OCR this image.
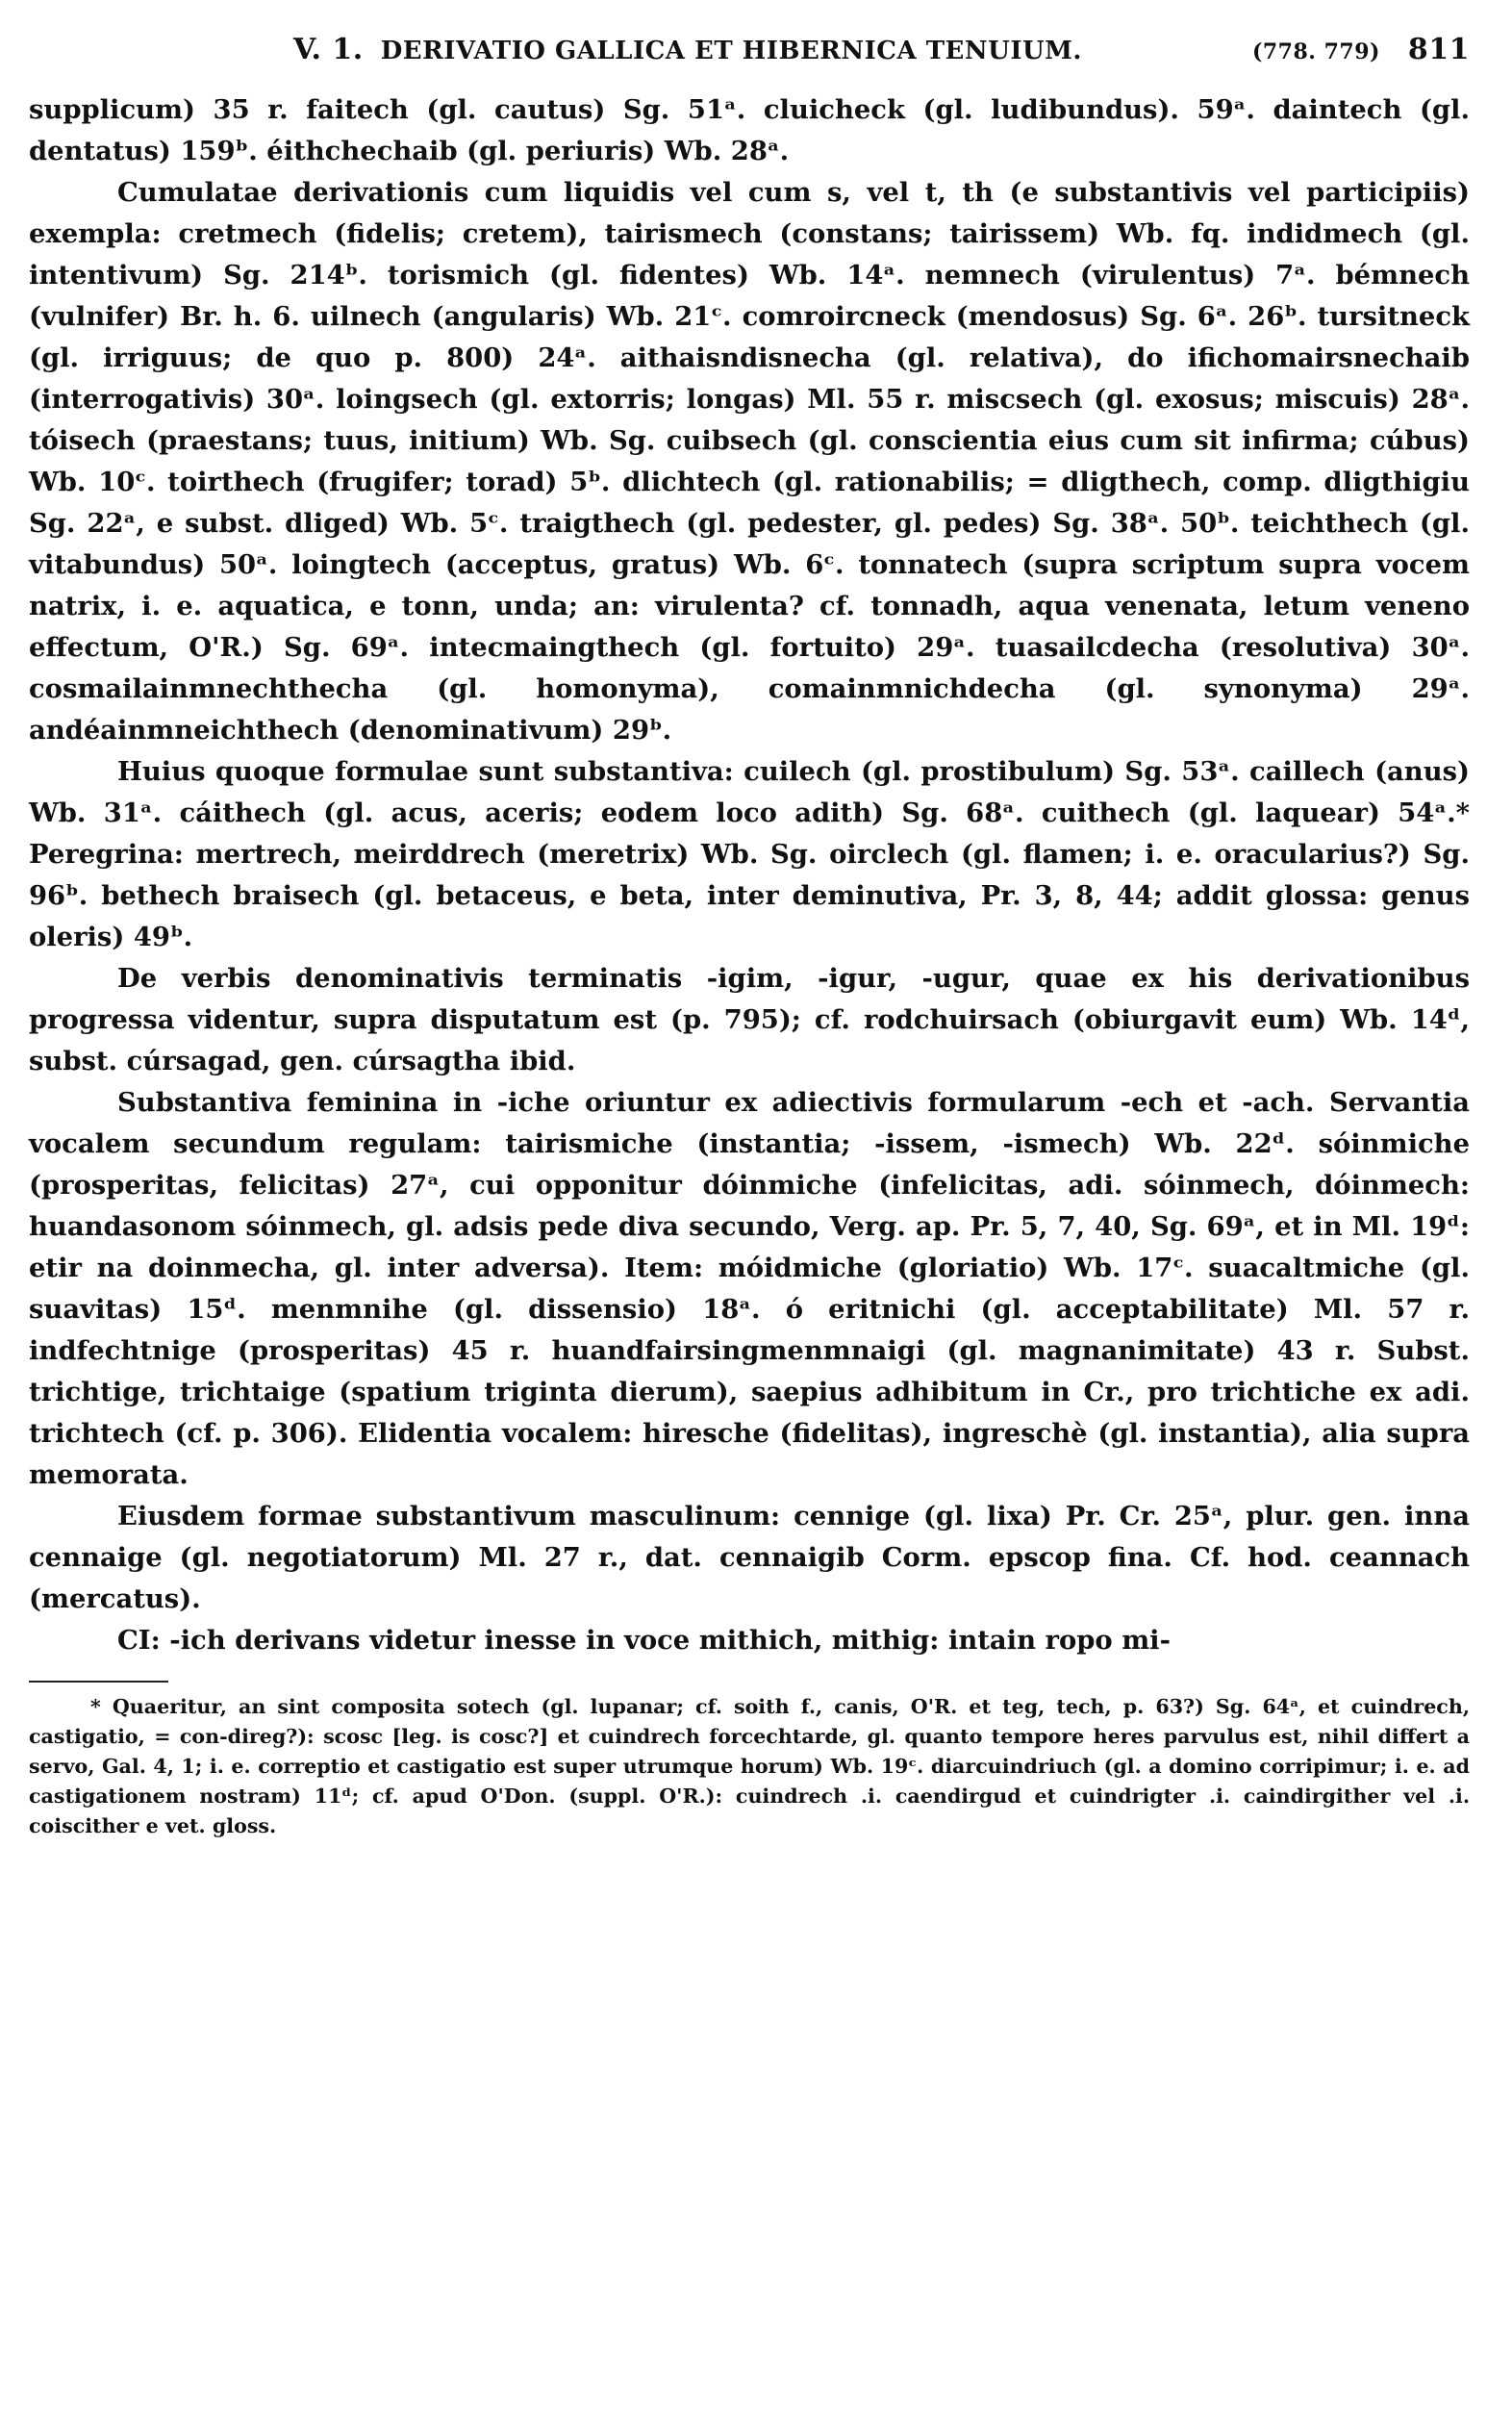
V. 1. DERIVATIO GALLICA ET HIBERNICA TENUIUM.	(778. 779) 811

supplicum) 35 r. faitech (gl. cautus) Sg. 51ᵃ. cluicheck (gl. ludibundus). 59ᵃ. daintech (gl. dentatus) 159ᵇ. éithchechaib (gl. periuris) Wb. 28ᵃ.

Cumulatae derivationis cum liquidis vel cum s, vel t, th (e substantivis vel participiis) exempla: cretmech (fidelis; cretem), tairismech (constans; tairissem) Wb. fq. indidmech (gl. intentivum) Sg. 214ᵇ. torismich (gl. fidentes) Wb. 14ᵃ. nemnech (virulentus) 7ᵃ. bémnech (vulnifer) Br. h. 6. uilnech (angularis) Wb. 21ᶜ. comroircneck (mendosus) Sg. 6ᵃ. 26ᵇ. tursitneck (gl. irriguus; de quo p. 800) 24ᵃ. aithaisndisnecha (gl. relativa), do ifichomairsnechaib (interrogativis) 30ᵃ. loingsech (gl. extorris; longas) Ml. 55 r. miscsech (gl. exosus; miscuis) 28ᵃ. tóisech (praestans; tuus, initium) Wb. Sg. cuibsech (gl. conscientia eius cum sit infirma; cúbus) Wb. 10ᶜ. toirthech (frugifer; torad) 5ᵇ. dlichtech (gl. rationabilis; = dligthech, comp. dligthigiu Sg. 22ᵃ, e subst. dliged) Wb. 5ᶜ. traigthech (gl. pedester, gl. pedes) Sg. 38ᵃ. 50ᵇ. teichthech (gl. vitabundus) 50ᵃ. loingtech (acceptus, gratus) Wb. 6ᶜ. tonnatech (supra scriptum supra vocem natrix, i. e. aquatica, e tonn, unda; an: virulenta? cf. tonnadh, aqua venenata, letum veneno effectum, O'R.) Sg. 69ᵃ. intecmaingthech (gl. fortuito) 29ᵃ. tuasailcdecha (resolutiva) 30ᵃ. cosmailainmnechthecha (gl. homonyma), comainmnichdecha (gl. synonyma) 29ᵃ. andéainmneichthech (denominativum) 29ᵇ.

Huius quoque formulae sunt substantiva: cuilech (gl. prostibulum) Sg. 53ᵃ. caillech (anus) Wb. 31ᵃ. cáithech (gl. acus, aceris; eodem loco adith) Sg. 68ᵃ. cuithech (gl. laquear) 54ᵃ.* Peregrina: mertrech, meirddrech (meretrix) Wb. Sg. oirclech (gl. flamen; i. e. oracularius?) Sg. 96ᵇ. bethech braisech (gl. betaceus, e beta, inter deminutiva, Pr. 3, 8, 44; addit glossa: genus oleris) 49ᵇ.

De verbis denominativis terminatis -igim, -igur, -ugur, quae ex his derivationibus progressa videntur, supra disputatum est (p. 795); cf. rodchuirsach (obiurgavit eum) Wb. 14ᵈ, subst. cúrsagad, gen. cúrsagtha ibid.

Substantiva feminina in -iche oriuntur ex adiectivis formularum -ech et -ach. Servantia vocalem secundum regulam: tairismiche (instantia; -issem, -ismech) Wb. 22ᵈ. sóinmiche (prosperitas, felicitas) 27ᵃ, cui opponitur dóinmiche (infelicitas, adi. sóinmech, dóinmech: huandasonom sóinmech, gl. adsis pede diva secundo, Verg. ap. Pr. 5, 7, 40, Sg. 69ᵃ, et in Ml. 19ᵈ: etir na doinmecha, gl. inter adversa). Item: móidmiche (gloriatio) Wb. 17ᶜ. suacaltmiche (gl. suavitas) 15ᵈ. menmnihe (gl. dissensio) 18ᵃ. ó eritnichi (gl. acceptabilitate) Ml. 57 r. indfechtnige (prosperitas) 45 r. huandfairsingmenmnaigi (gl. magnanimitate) 43 r. Subst. trichtige, trichtaige (spatium triginta dierum), saepius adhibitum in Cr., pro trichtiche ex adi. trichtech (cf. p. 306). Elidentia vocalem: hiresche (fidelitas), ingreschè (gl. instantia), alia supra memorata.

Eiusdem formae substantivum masculinum: cennige (gl. lixa) Pr. Cr. 25ᵃ, plur. gen. inna cennaige (gl. negotiatorum) Ml. 27 r., dat. cennaigib Corm. epscop fina. Cf. hod. ceannach (mercatus).

CI: -ich derivans videtur inesse in voce mithich, mithig: intain ropo mi-

* Quaeritur, an sint composita sotech (gl. lupanar; cf. soith f., canis, O'R. et teg, tech, p. 63?) Sg. 64ᵃ, et cuindrech, castigatio, = con-direg?): scosc [leg. is cosc?] et cuindrech forcechtarde, gl. quanto tempore heres parvulus est, nihil differt a servo, Gal. 4, 1; i. e. correptio et castigatio est super utrumque horum) Wb. 19ᶜ. diarcuindriuch (gl. a domino corripimur; i. e. ad castigationem nostram) 11ᵈ; cf. apud O'Don. (suppl. O'R.): cuindrech .i. caendirgud et cuindrigter .i. caindirgither vel .i. coiscither e vet. gloss.
